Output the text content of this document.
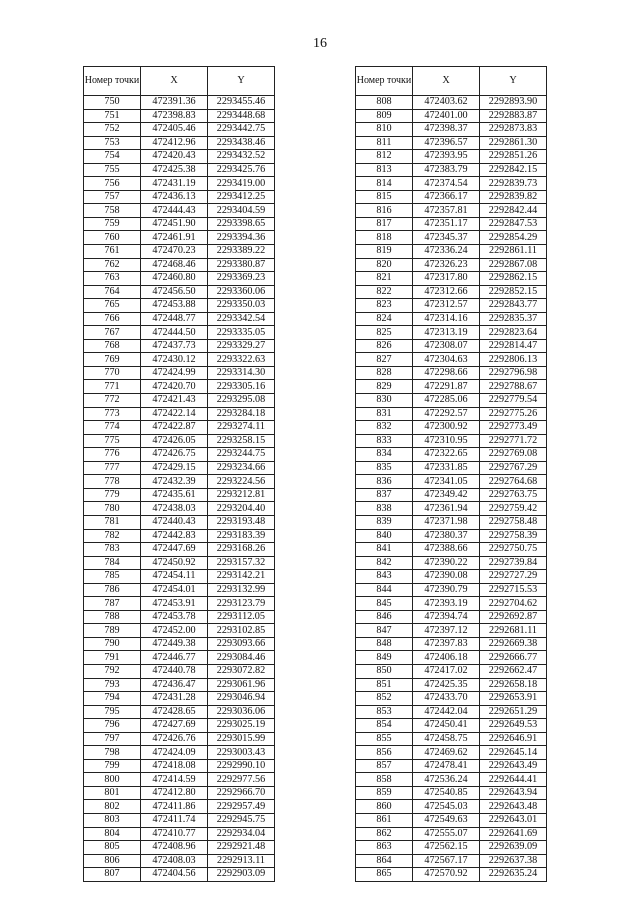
16
Номер точки	X	Y
750	472391.36	2293455.46
751	472398.83	2293448.68
752	472405.46	2293442.75
753	472412.96	2293438.46
754	472420.43	2293432.52
755	472425.38	2293425.76
756	472431.19	2293419.00
757	472436.13	2293412.25
758	472444.43	2293404.59
759	472451.90	2293398.65
760	472461.91	2293394.36
761	472470.23	2293389.22
762	472468.46	2293380.87
763	472460.80	2293369.23
764	472456.50	2293360.06
765	472453.88	2293350.03
766	472448.77	2293342.54
767	472444.50	2293335.05
768	472437.73	2293329.27
769	472430.12	2293322.63
770	472424.99	2293314.30
771	472420.70	2293305.16
772	472421.43	2293295.08
773	472422.14	2293284.18
774	472422.87	2293274.11
775	472426.05	2293258.15
776	472426.75	2293244.75
777	472429.15	2293234.66
778	472432.39	2293224.56
779	472435.61	2293212.81
780	472438.03	2293204.40
781	472440.43	2293193.48
782	472442.83	2293183.39
783	472447.69	2293168.26
784	472450.92	2293157.32
785	472454.11	2293142.21
786	472454.01	2293132.99
787	472453.91	2293123.79
788	472453.78	2293112.05
789	472452.00	2293102.85
790	472449.38	2293093.66
791	472446.77	2293084.46
792	472440.78	2293072.82
793	472436.47	2293061.96
794	472431.28	2293046.94
795	472428.65	2293036.06
796	472427.69	2293025.19
797	472426.76	2293015.99
798	472424.09	2293003.43
799	472418.08	2292990.10
800	472414.59	2292977.56
801	472412.80	2292966.70
802	472411.86	2292957.49
803	472411.74	2292945.75
804	472410.77	2292934.04
805	472408.96	2292921.48
806	472408.03	2292913.11
807	472404.56	2292903.09
Номер точки	X	Y
808	472403.62	2292893.90
809	472401.00	2292883.87
810	472398.37	2292873.83
811	472396.57	2292861.30
812	472393.95	2292851.26
813	472383.79	2292842.15
814	472374.54	2292839.73
815	472366.17	2292839.82
816	472357.81	2292842.44
817	472351.17	2292847.53
818	472345.37	2292854.29
819	472336.24	2292861.11
820	472326.23	2292867.08
821	472317.80	2292862.15
822	472312.66	2292852.15
823	472312.57	2292843.77
824	472314.16	2292835.37
825	472313.19	2292823.64
826	472308.07	2292814.47
827	472304.63	2292806.13
828	472298.66	2292796.98
829	472291.87	2292788.67
830	472285.06	2292779.54
831	472292.57	2292775.26
832	472300.92	2292773.49
833	472310.95	2292771.72
834	472322.65	2292769.08
835	472331.85	2292767.29
836	472341.05	2292764.68
837	472349.42	2292763.75
838	472361.94	2292759.42
839	472371.98	2292758.48
840	472380.37	2292758.39
841	472388.66	2292750.75
842	472390.22	2292739.84
843	472390.08	2292727.29
844	472390.79	2292715.53
845	472393.19	2292704.62
846	472394.74	2292692.87
847	472397.12	2292681.11
848	472397.83	2292669.38
849	472406.18	2292666.77
850	472417.02	2292662.47
851	472425.35	2292658.18
852	472433.70	2292653.91
853	472442.04	2292651.29
854	472450.41	2292649.53
855	472458.75	2292646.91
856	472469.62	2292645.14
857	472478.41	2292643.49
858	472536.24	2292644.41
859	472540.85	2292643.94
860	472545.03	2292643.48
861	472549.63	2292643.01
862	472555.07	2292641.69
863	472562.15	2292639.09
864	472567.17	2292637.38
865	472570.92	2292635.24
